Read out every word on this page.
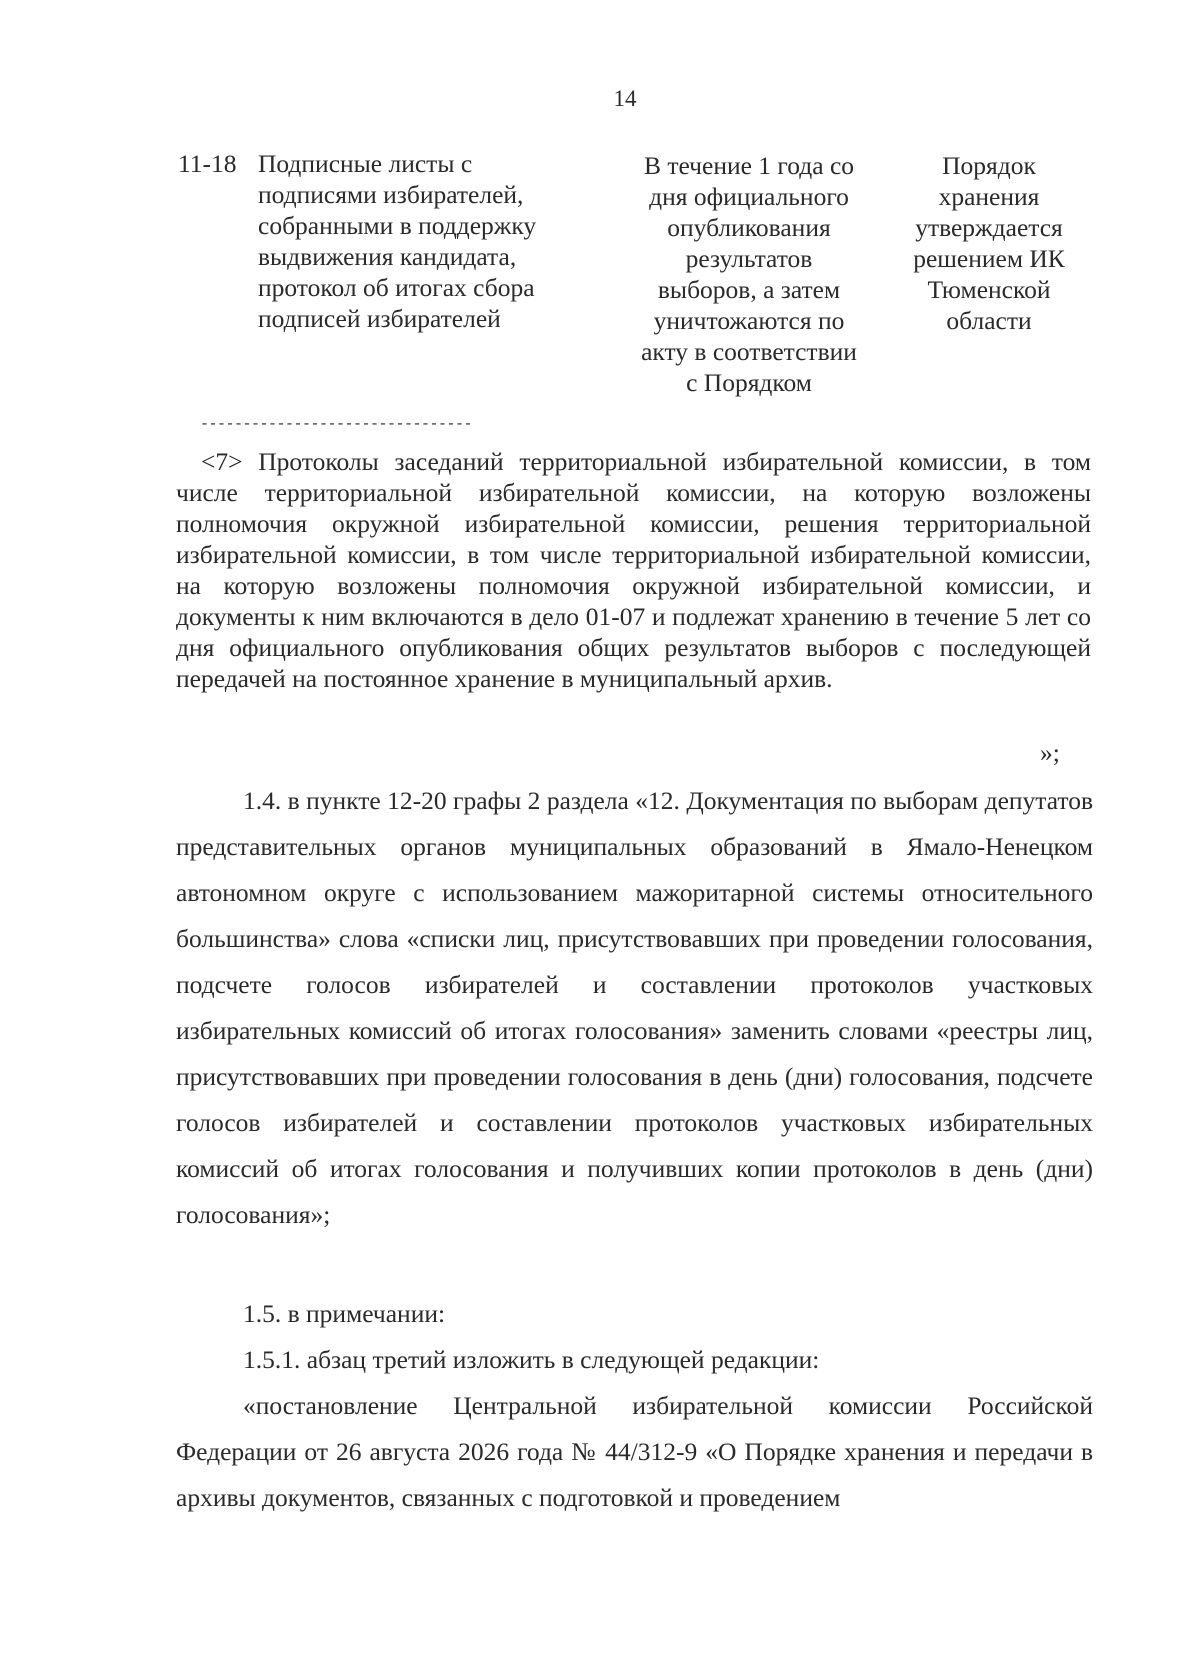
14
11-18 Подписные листы с
подписями избирателей,
собранными в поддержку
выдвижения кандидата,
протокол об итогах сбора
подписей избирателей
В течение 1 года со
дня официального
опубликования
результатов
выборов, а затем
уничтожаются по
акту в соответствии
с Порядком
Порядок
хранения
утверждается
решением ИК
Тюменской
области
--------------------------------
<7> Протоколы заседаний территориальной избирательной комиссии, в том числе территориальной избирательной комиссии, на которую возложены полномочия окружной избирательной комиссии, решения территориальной избирательной комиссии, в том числе территориальной избирательной комиссии, на которую возложены полномочия окружной избирательной комиссии, и документы к ним включаются в дело 01-07 и подлежат хранению в течение 5 лет со дня официального опубликования общих результатов выборов с последующей передачей на постоянное хранение в муниципальный архив.
»;
1.4. в пункте 12-20 графы 2 раздела «12. Документация по выборам депутатов представительных органов муниципальных образований в Ямало-Ненецком автономном округе с использованием мажоритарной системы относительного большинства» слова «списки лиц, присутствовавших при проведении голосования, подсчете голосов избирателей и составлении протоколов участковых избирательных комиссий об итогах голосования» заменить словами «реестры лиц, присутствовавших при проведении голосования в день (дни) голосования, подсчете голосов избирателей и составлении протоколов участковых избирательных комиссий об итогах голосования и получивших копии протоколов в день (дни) голосования»;
1.5. в примечании:
1.5.1. абзац третий изложить в следующей редакции:
«постановление Центральной избирательной комиссии Российской Федерации от 26 августа 2026 года № 44/312-9 «О Порядке хранения и передачи в архивы документов, связанных с подготовкой и проведением
